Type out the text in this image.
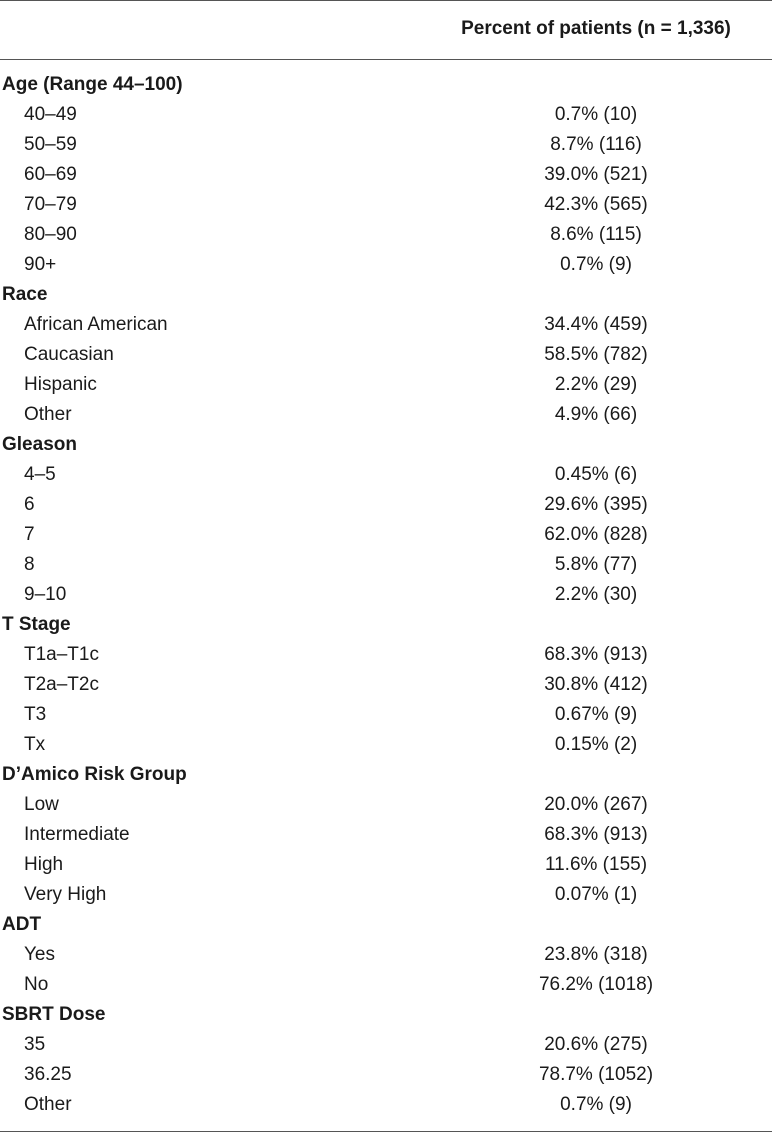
Percent of patients (n = 1,336)
Age (Range 44–100)
40–49	0.7% (10)
50–59	8.7% (116)
60–69	39.0% (521)
70–79	42.3% (565)
80–90	8.6% (115)
90+	0.7% (9)
Race
African American	34.4% (459)
Caucasian	58.5% (782)
Hispanic	2.2% (29)
Other	4.9% (66)
Gleason
4–5	0.45% (6)
6	29.6% (395)
7	62.0% (828)
8	5.8% (77)
9–10	2.2% (30)
T Stage
T1a–T1c	68.3% (913)
T2a–T2c	30.8% (412)
T3	0.67% (9)
Tx	0.15% (2)
D’Amico Risk Group
Low	20.0% (267)
Intermediate	68.3% (913)
High	11.6% (155)
Very High	0.07% (1)
ADT
Yes	23.8% (318)
No	76.2% (1018)
SBRT Dose
35	20.6% (275)
36.25	78.7% (1052)
Other	0.7% (9)
